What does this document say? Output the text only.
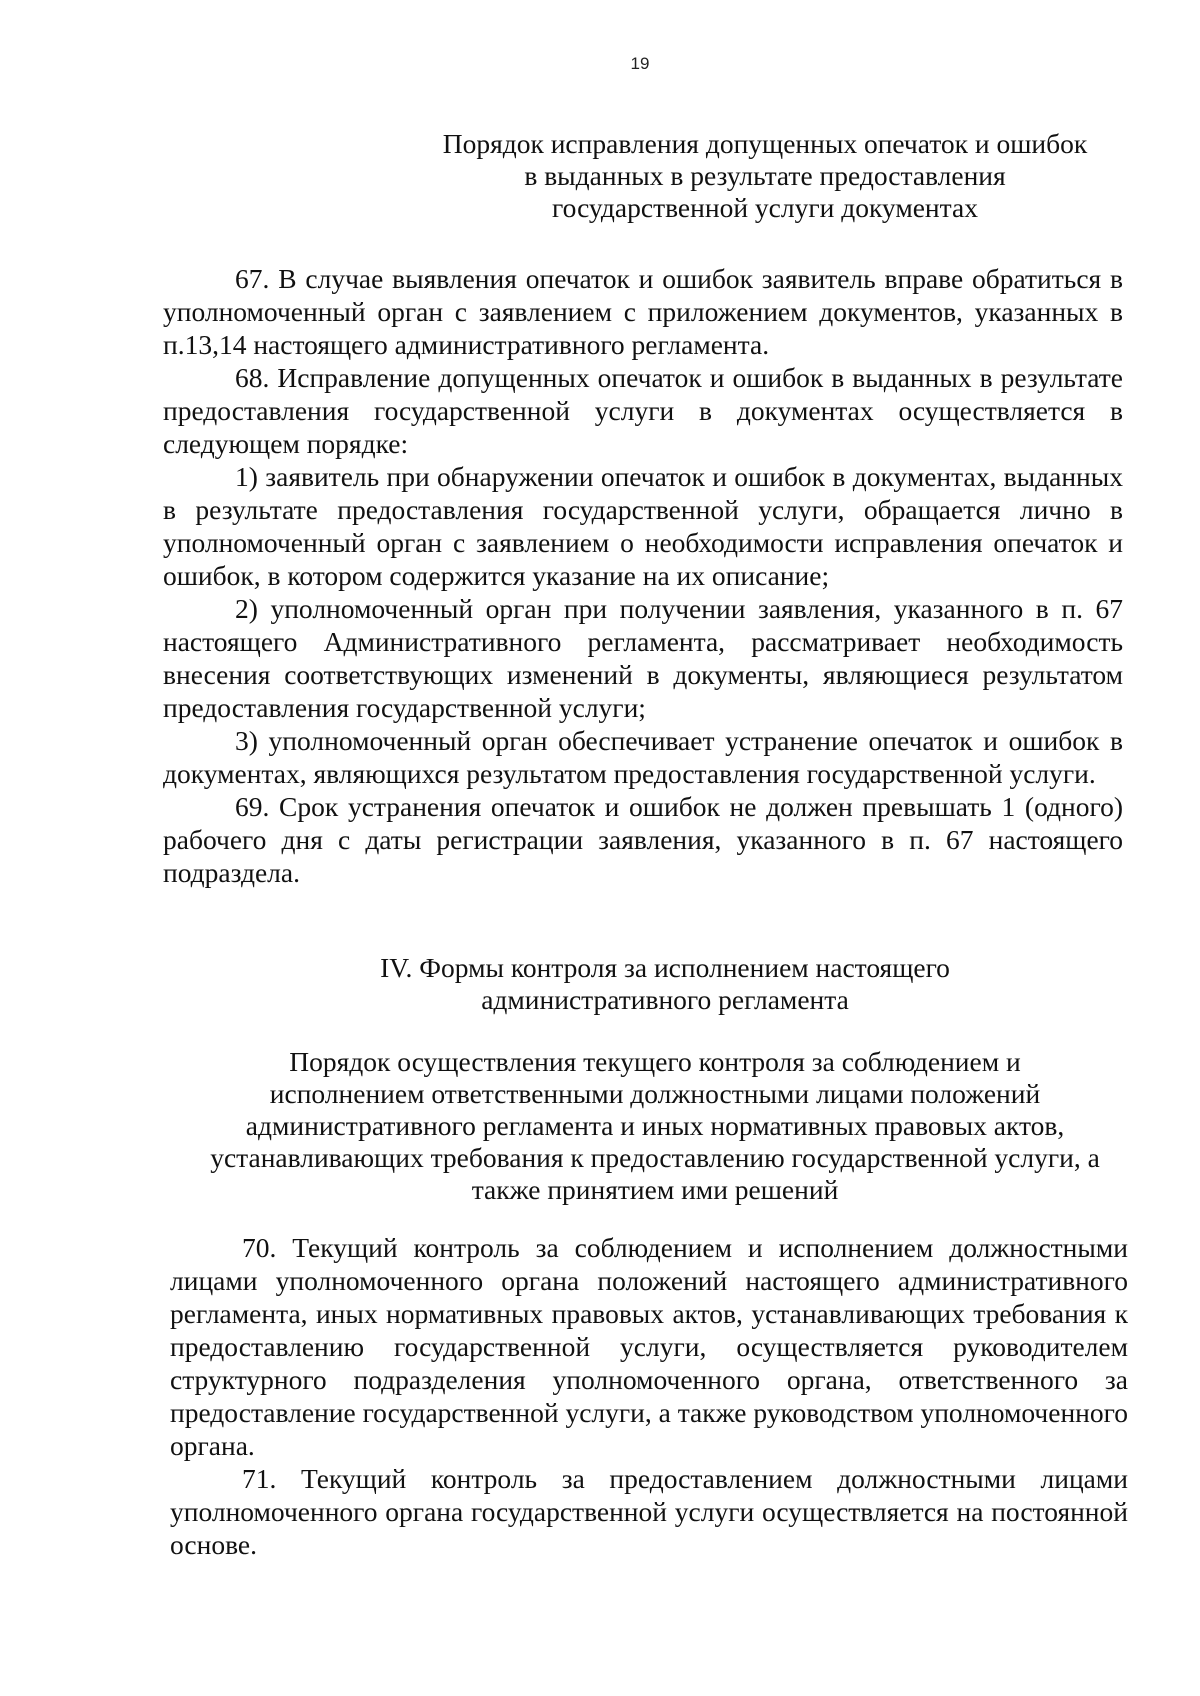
19
Порядок исправления допущенных опечаток и ошибок
в выданных в результате предоставления
государственной услуги документах

67. В случае выявления опечаток и ошибок заявитель вправе обратиться в уполномоченный орган с заявлением с приложением документов, указанных в п.13,14 настоящего административного регламента.

68. Исправление допущенных опечаток и ошибок в выданных в результате предоставления государственной услуги в документах осуществляется в следующем порядке:

1) заявитель при обнаружении опечаток и ошибок в документах, выданных в результате предоставления государственной услуги, обращается лично в уполномоченный орган с заявлением о необходимости исправления опечаток и ошибок, в котором содержится указание на их описание;

2) уполномоченный орган при получении заявления, указанного в п. 67 настоящего Административного регламента, рассматривает необходимость внесения соответствующих изменений в документы, являющиеся результатом предоставления государственной услуги;

3) уполномоченный орган обеспечивает устранение опечаток и ошибок в документах, являющихся результатом предоставления государственной услуги.

69. Срок устранения опечаток и ошибок не должен превышать 1 (одного) рабочего дня с даты регистрации заявления, указанного в п. 67 настоящего подраздела.

IV. Формы контроля за исполнением настоящего
административного регламента
Порядок осуществления текущего контроля за соблюдением и
исполнением ответственными должностными лицами положений
административного регламента и иных нормативных правовых актов,
устанавливающих требования к предоставлению государственной услуги, а
также принятием ими решений

70. Текущий контроль за соблюдением и исполнением должностными лицами уполномоченного органа положений настоящего административного регламента, иных нормативных правовых актов, устанавливающих требования к предоставлению государственной услуги, осуществляется руководителем структурного подразделения уполномоченного органа, ответственного за предоставление государственной услуги, а также руководством уполномоченного органа.

71. Текущий контроль за предоставлением должностными лицами уполномоченного органа государственной услуги осуществляется на постоянной основе.
